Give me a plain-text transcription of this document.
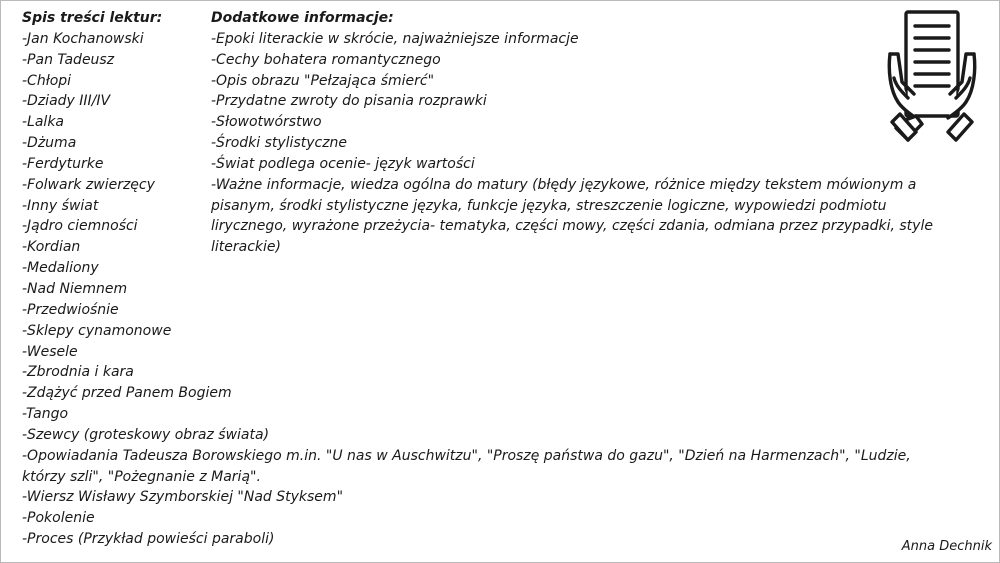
Spis treści lektur:
-Jan Kochanowski
-Pan Tadeusz
-Chłopi
-Dziady III/IV
-Lalka
-Dżuma
-Ferdyturke
-Folwark zwierzęcy
-Inny świat
-Jądro ciemności
-Kordian
-Medaliony
-Nad Niemnem
-Przedwiośnie
-Sklepy cynamonowe
-Wesele
-Zbrodnia i kara
-Zdążyć przed Panem Bogiem
-Tango
-Szewcy (groteskowy obraz świata)
-Opowiadania Tadeusza Borowskiego m.in. "U nas w Auschwitzu", "Proszę państwa do gazu", "Dzień na Harmenzach", "Ludzie, którzy szli", "Pożegnanie z Marią".
-Wiersz Wisławy Szymborskiej "Nad Styksem"
-Pokolenie
-Proces (Przykład powieści paraboli)
Dodatkowe informacje:
-Epoki literackie w skrócie, najważniejsze informacje
-Cechy bohatera romantycznego
-Opis obrazu "Pełzająca śmierć"
-Przydatne zwroty do pisania rozprawki
-Słowotwórstwo
-Środki stylistyczne
-Świat podlega ocenie- język wartości
-Ważne informacje, wiedza ogólna do matury (błędy językowe, różnice między tekstem mówionym a pisanym, środki stylistyczne języka, funkcje języka, streszczenie logiczne, wypowiedzi podmiotu lirycznego, wyrażone przeżycia- tematyka, części mowy, części zdania, odmiana przez przypadki, style literackie)
Anna Dechnik
